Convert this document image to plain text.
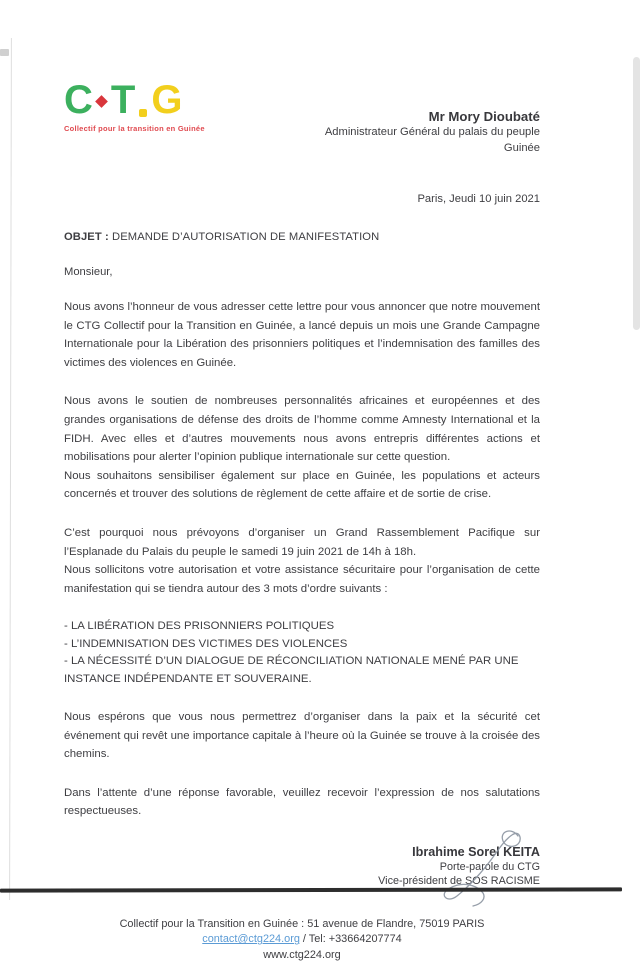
C T G
Collectif pour la transition en Guinée
Mr Mory Dioubaté
Administrateur Général du palais du peuple
Guinée
Paris, Jeudi 10 juin 2021
OBJET : DEMANDE D’AUTORISATION DE MANIFESTATION
Monsieur,

Nous avons l’honneur de vous adresser cette lettre pour vous annoncer que notre mouvement le CTG Collectif pour la Transition en Guinée, a lancé depuis un mois une Grande Campagne Internationale pour la Libération des prisonniers politiques et l’indemnisation des familles des victimes des violences en Guinée.

Nous avons le soutien de nombreuses personnalités africaines et européennes et des grandes organisations de défense des droits de l’homme comme Amnesty International et la FIDH. Avec elles et d’autres mouvements nous avons entrepris différentes actions et mobilisations pour alerter l’opinion publique internationale sur cette question.

Nous souhaitons sensibiliser également sur place en Guinée, les populations et acteurs concernés et trouver des solutions de règlement de cette affaire et de sortie de crise.

C’est pourquoi nous prévoyons d’organiser un Grand Rassemblement Pacifique sur l’Esplanade du Palais du peuple le samedi 19 juin 2021 de 14h à 18h.

Nous sollicitons votre autorisation et votre assistance sécuritaire pour l’organisation de cette manifestation qui se tiendra autour des 3 mots d’ordre suivants :

- LA LIBÉRATION DES PRISONNIERS POLITIQUES

- L’INDEMNISATION DES VICTIMES DES VIOLENCES

- LA NÉCESSITÉ D’UN DIALOGUE DE RÉCONCILIATION NATIONALE MENÉ PAR UNE INSTANCE INDÉPENDANTE ET SOUVERAINE.

Nous espérons que vous nous permettrez d’organiser dans la paix et la sécurité cet événement qui revêt une importance capitale à l’heure où la Guinée se trouve à la croisée des chemins.

Dans l’attente d’une réponse favorable, veuillez recevoir l’expression de nos salutations respectueuses.

Ibrahime Sorel KEITA
Porte-parole du CTG
Vice-président de SOS RACISME
Collectif pour la Transition en Guinée : 51 avenue de Flandre, 75019 PARIS
contact@ctg224.org / Tel: +33664207774
www.ctg224.org
